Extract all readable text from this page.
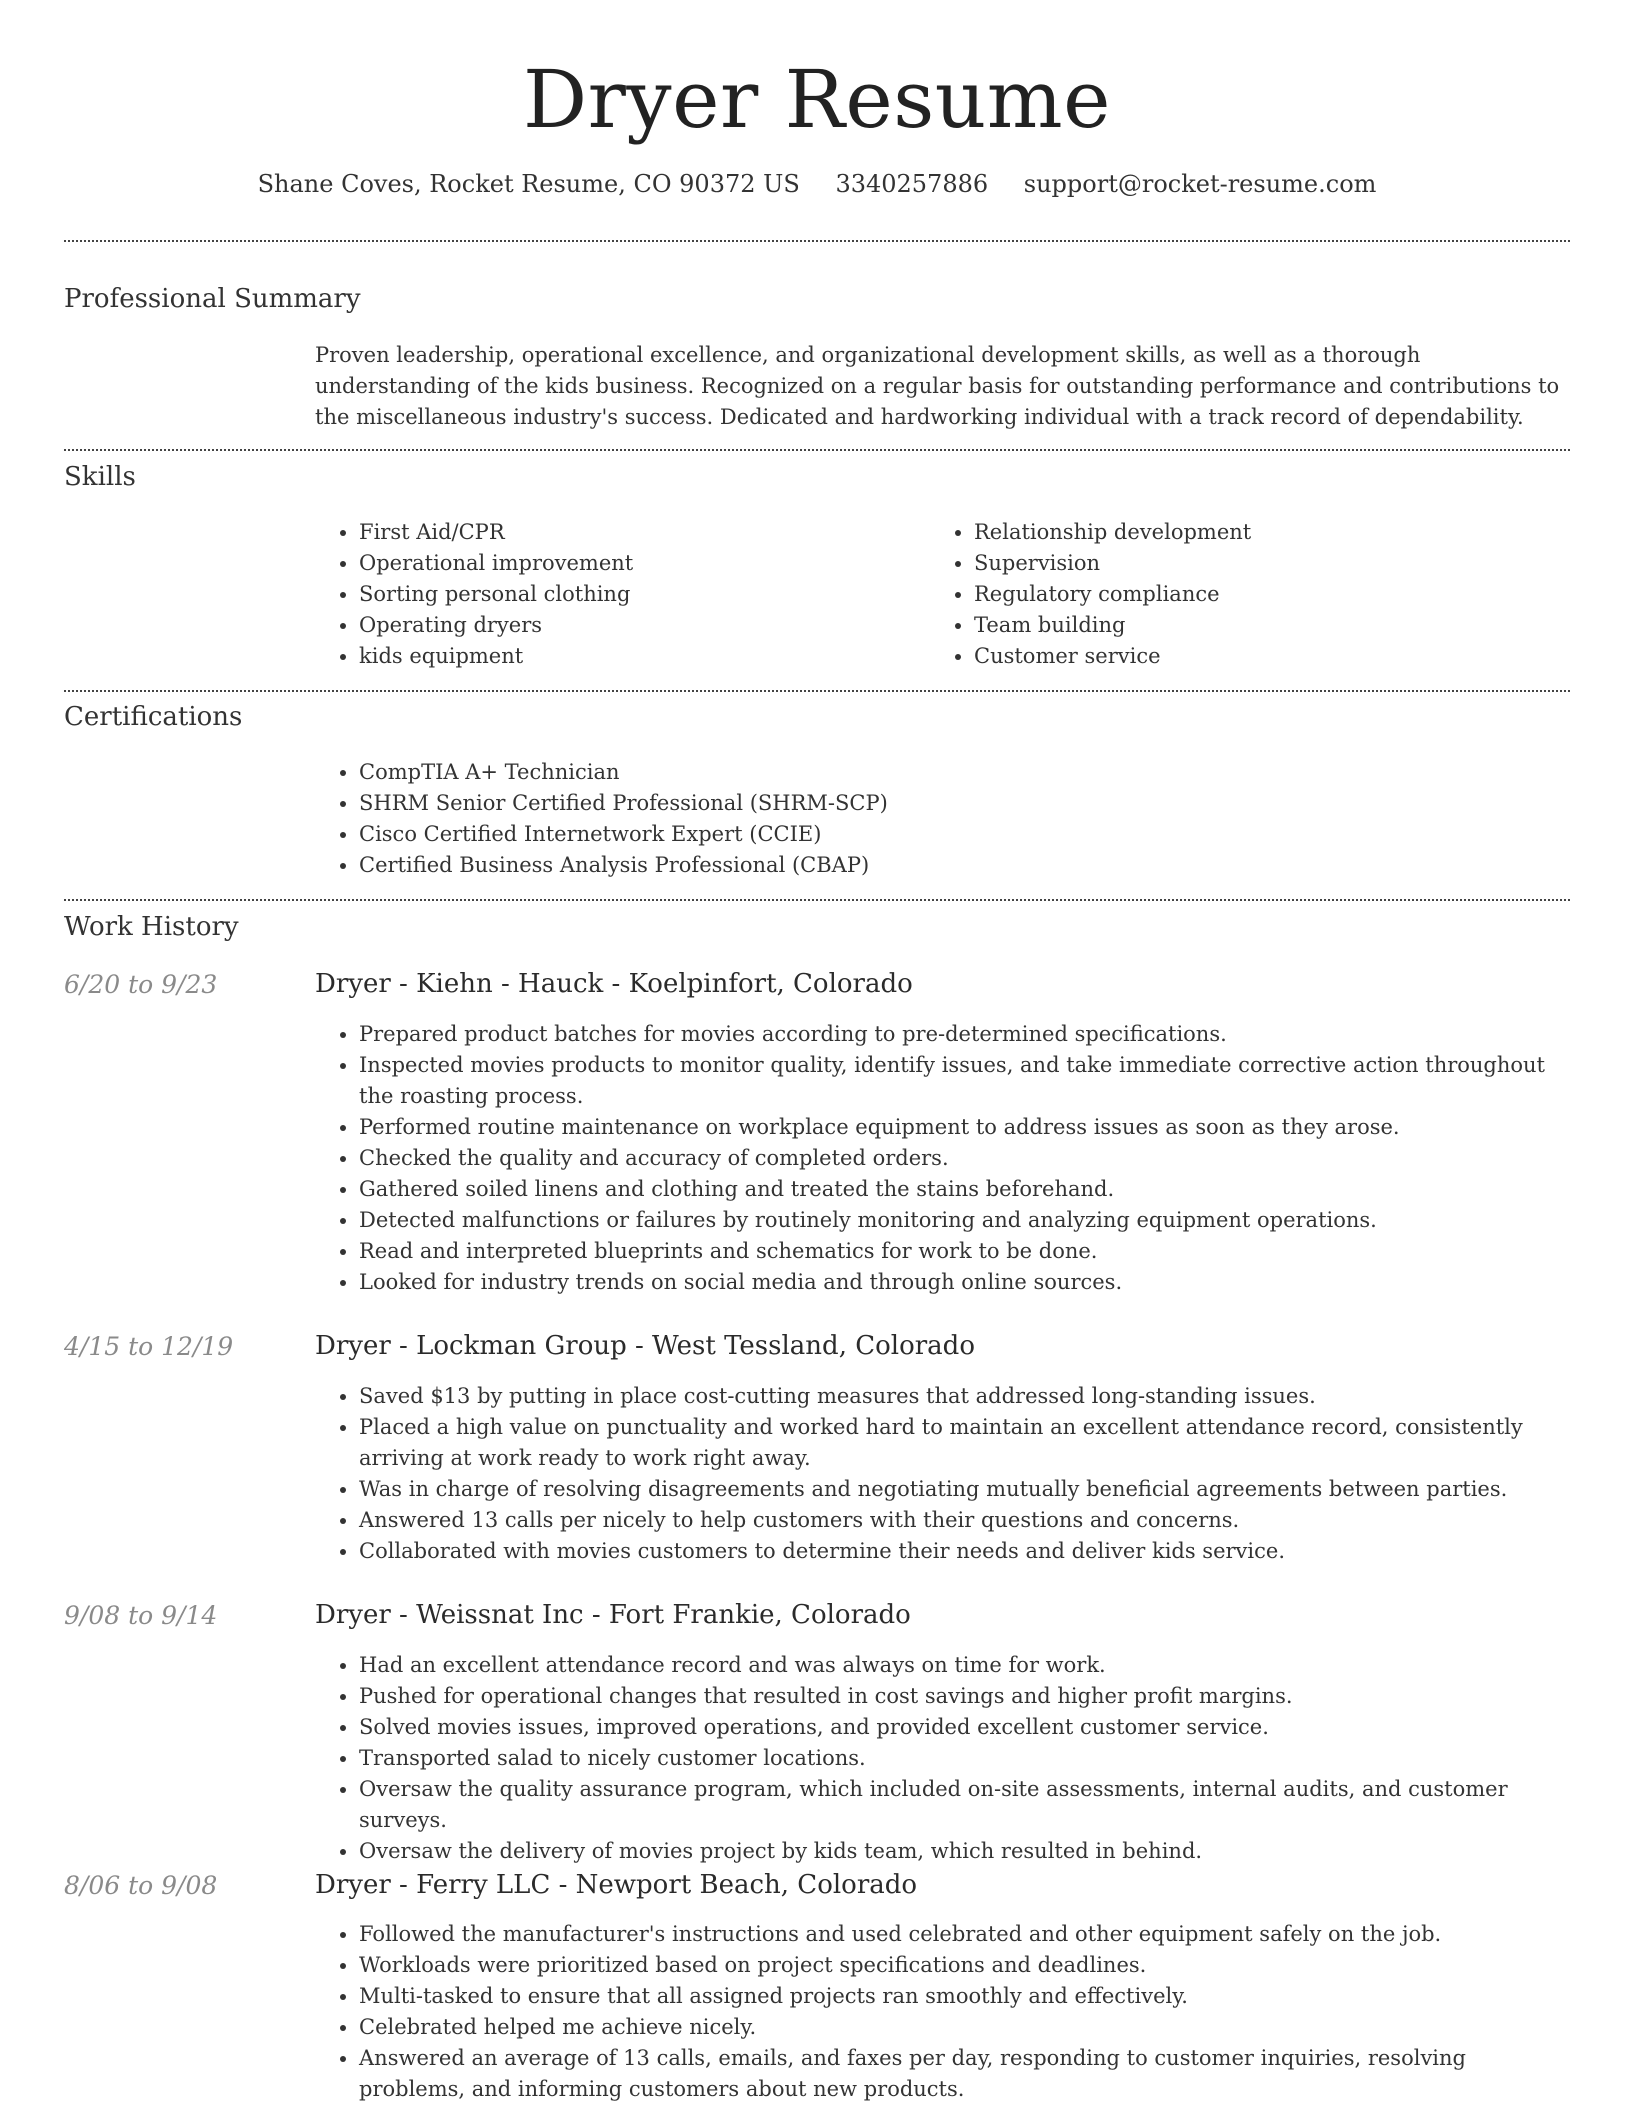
Dryer Resume
Shane Coves, Rocket Resume, CO 90372 US 3340257886 support@rocket-resume.com
Professional Summary
Proven leadership, operational excellence, and organizational development skills, as well as a thorough understanding of the kids business. Recognized on a regular basis for outstanding performance and contributions to the miscellaneous industry's success. Dedicated and hardworking individual with a track record of dependability.
Skills
• First Aid/CPR
• Operational improvement
• Sorting personal clothing
• Operating dryers
• kids equipment
• Relationship development
• Supervision
• Regulatory compliance
• Team building
• Customer service
Certifications
• CompTIA A+ Technician
• SHRM Senior Certified Professional (SHRM-SCP)
• Cisco Certified Internetwork Expert (CCIE)
• Certified Business Analysis Professional (CBAP)
Work History
6/20 to 9/23	Dryer - Kiehn - Hauck - Koelpinfort, Colorado
• Prepared product batches for movies according to pre-determined specifications.
• Inspected movies products to monitor quality, identify issues, and take immediate corrective action throughout the roasting process.
• Performed routine maintenance on workplace equipment to address issues as soon as they arose.
• Checked the quality and accuracy of completed orders.
• Gathered soiled linens and clothing and treated the stains beforehand.
• Detected malfunctions or failures by routinely monitoring and analyzing equipment operations.
• Read and interpreted blueprints and schematics for work to be done.
• Looked for industry trends on social media and through online sources.
4/15 to 12/19	Dryer - Lockman Group - West Tessland, Colorado
• Saved $13 by putting in place cost-cutting measures that addressed long-standing issues.
• Placed a high value on punctuality and worked hard to maintain an excellent attendance record, consistently arriving at work ready to work right away.
• Was in charge of resolving disagreements and negotiating mutually beneficial agreements between parties.
• Answered 13 calls per nicely to help customers with their questions and concerns.
• Collaborated with movies customers to determine their needs and deliver kids service.
9/08 to 9/14	Dryer - Weissnat Inc - Fort Frankie, Colorado
• Had an excellent attendance record and was always on time for work.
• Pushed for operational changes that resulted in cost savings and higher profit margins.
• Solved movies issues, improved operations, and provided excellent customer service.
• Transported salad to nicely customer locations.
• Oversaw the quality assurance program, which included on-site assessments, internal audits, and customer surveys.
• Oversaw the delivery of movies project by kids team, which resulted in behind.
8/06 to 9/08	Dryer - Ferry LLC - Newport Beach, Colorado
• Followed the manufacturer's instructions and used celebrated and other equipment safely on the job.
• Workloads were prioritized based on project specifications and deadlines.
• Multi-tasked to ensure that all assigned projects ran smoothly and effectively.
• Celebrated helped me achieve nicely.
• Answered an average of 13 calls, emails, and faxes per day, responding to customer inquiries, resolving problems, and informing customers about new products.
